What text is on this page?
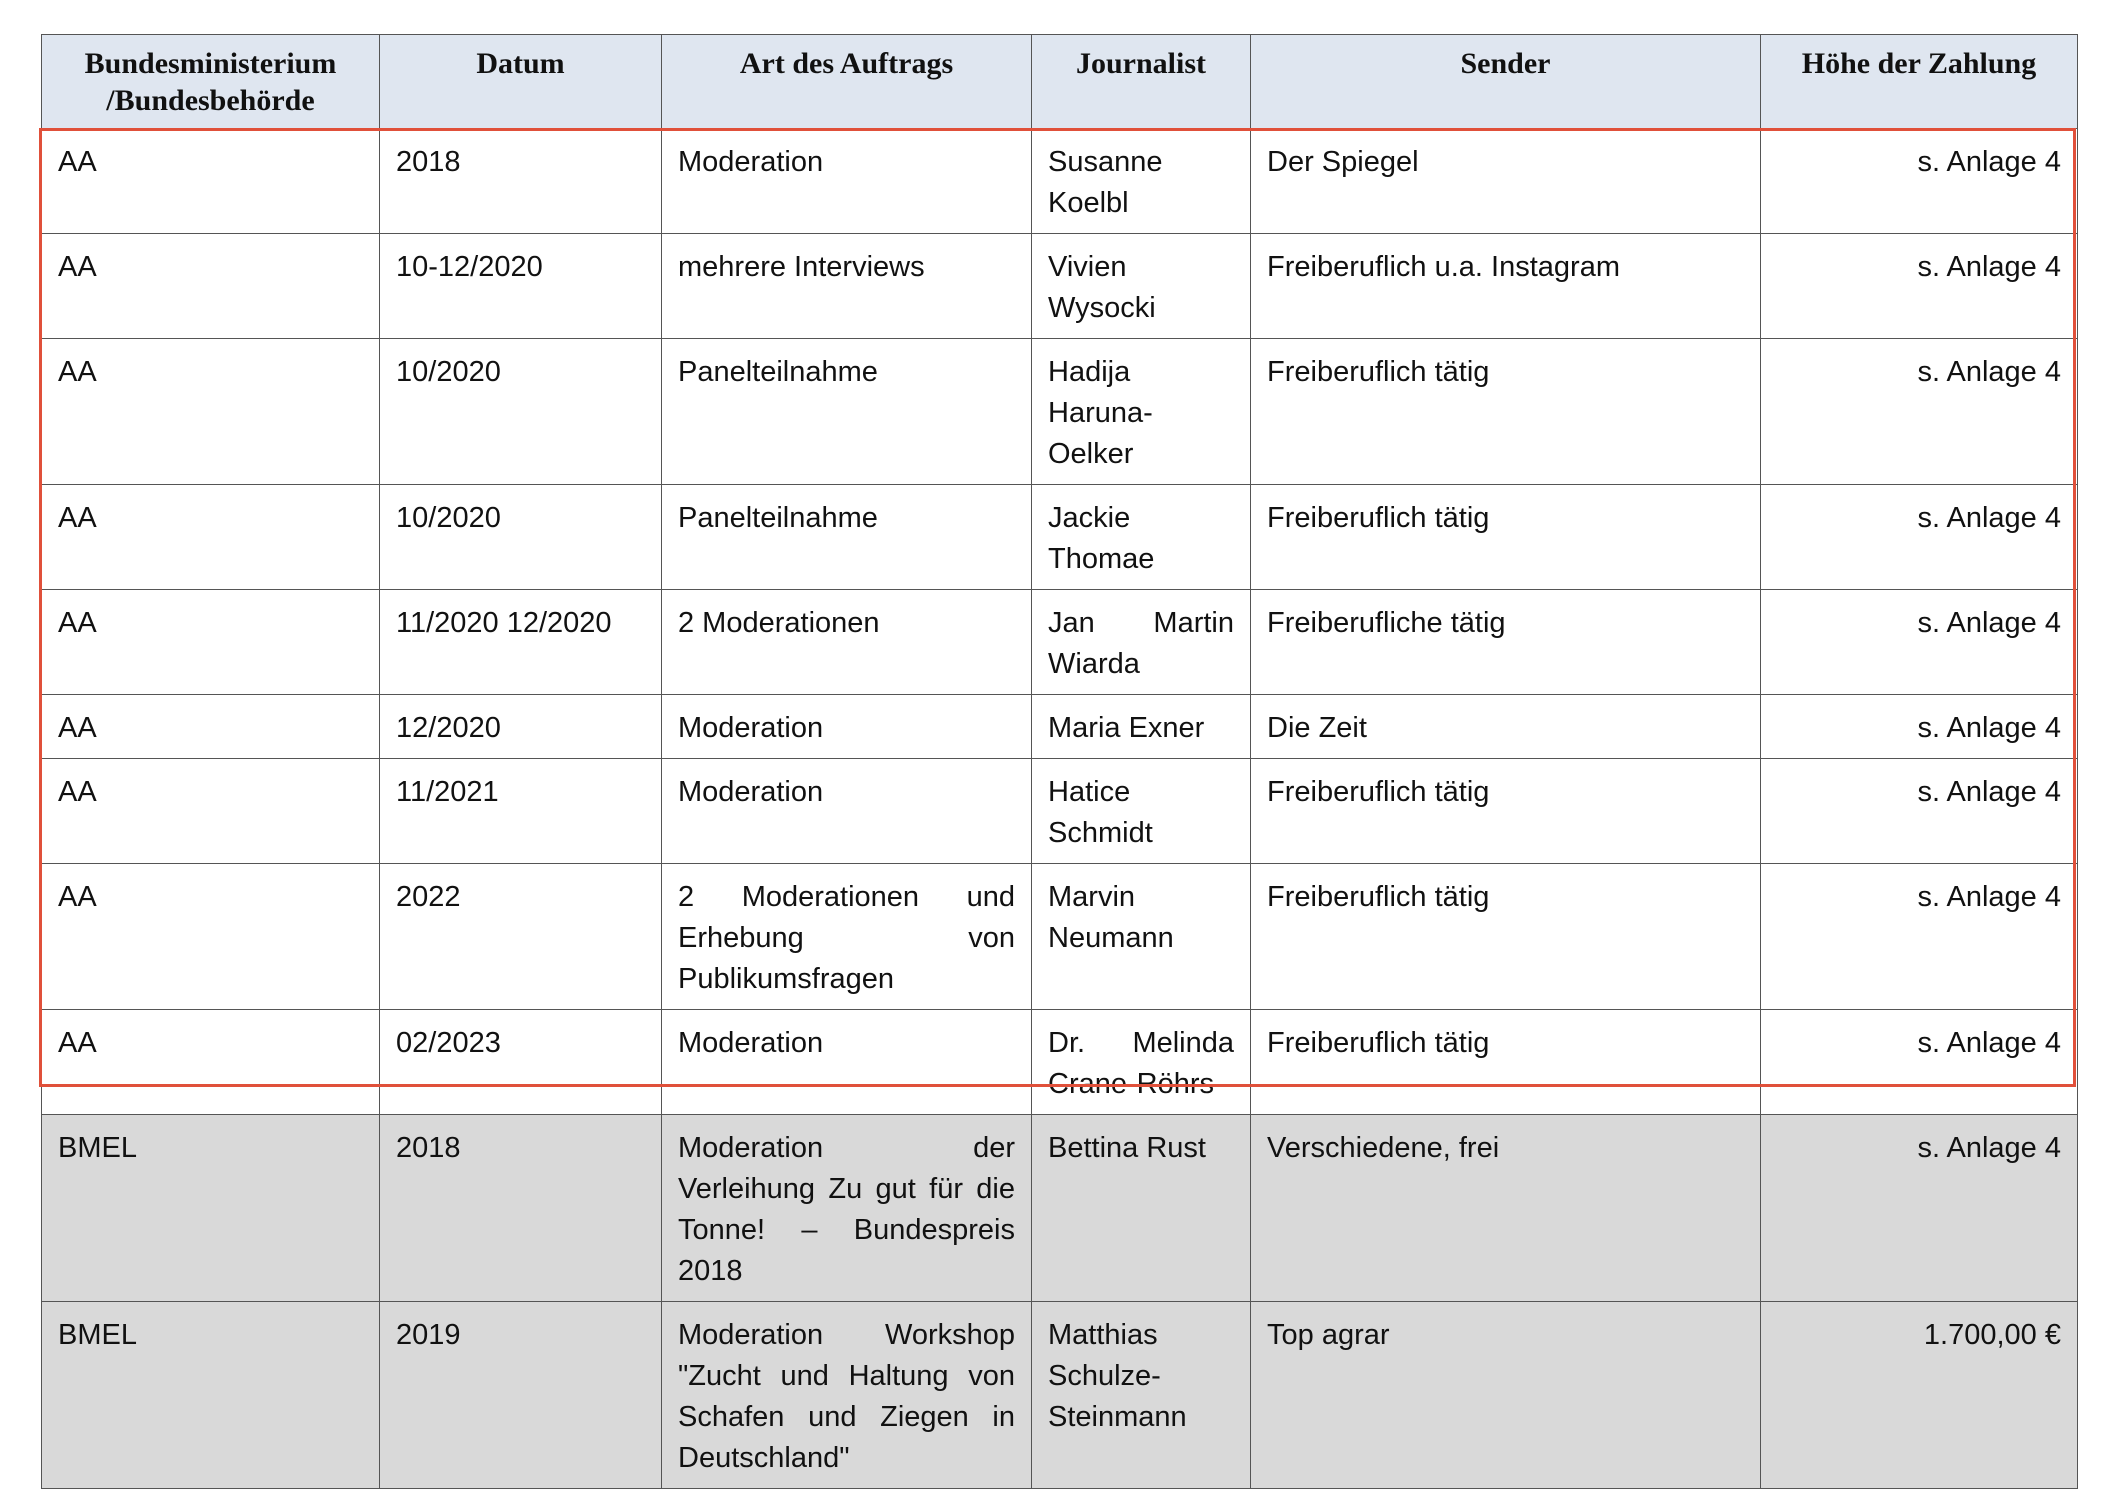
Bundesministerium /Bundesbehörde	Datum	Art des Auftrags	Journalist	Sender	Höhe der Zahlung
AA	2018	Moderation	Susanne Koelbl	Der Spiegel	s. Anlage 4
AA	10-12/2020	mehrere Interviews	Vivien Wysocki	Freiberuflich u.a. Instagram	s. Anlage 4
AA	10/2020	Panelteilnahme	Hadija Haruna-Oelker	Freiberuflich tätig	s. Anlage 4
AA	10/2020	Panelteilnahme	Jackie Thomae	Freiberuflich tätig	s. Anlage 4
AA	11/2020 12/2020	2 Moderationen	Jan Martin Wiarda	Freiberufliche tätig	s. Anlage 4
AA	12/2020	Moderation	Maria Exner	Die Zeit	s. Anlage 4
AA	11/2021	Moderation	Hatice Schmidt	Freiberuflich tätig	s. Anlage 4
AA	2022	2 Moderationen und Erhebung von Publikumsfragen	Marvin Neumann	Freiberuflich tätig	s. Anlage 4
AA	02/2023	Moderation	Dr. Melinda Crane-Röhrs	Freiberuflich tätig	s. Anlage 4
BMEL	2018	Moderation der Verleihung Zu gut für die Tonne! – Bundespreis 2018	Bettina Rust	Verschiedene, frei	s. Anlage 4
BMEL	2019	Moderation Workshop "Zucht und Haltung von Schafen und Ziegen in Deutschland"	Matthias Schulze-Steinmann	Top agrar	1.700,00 €
